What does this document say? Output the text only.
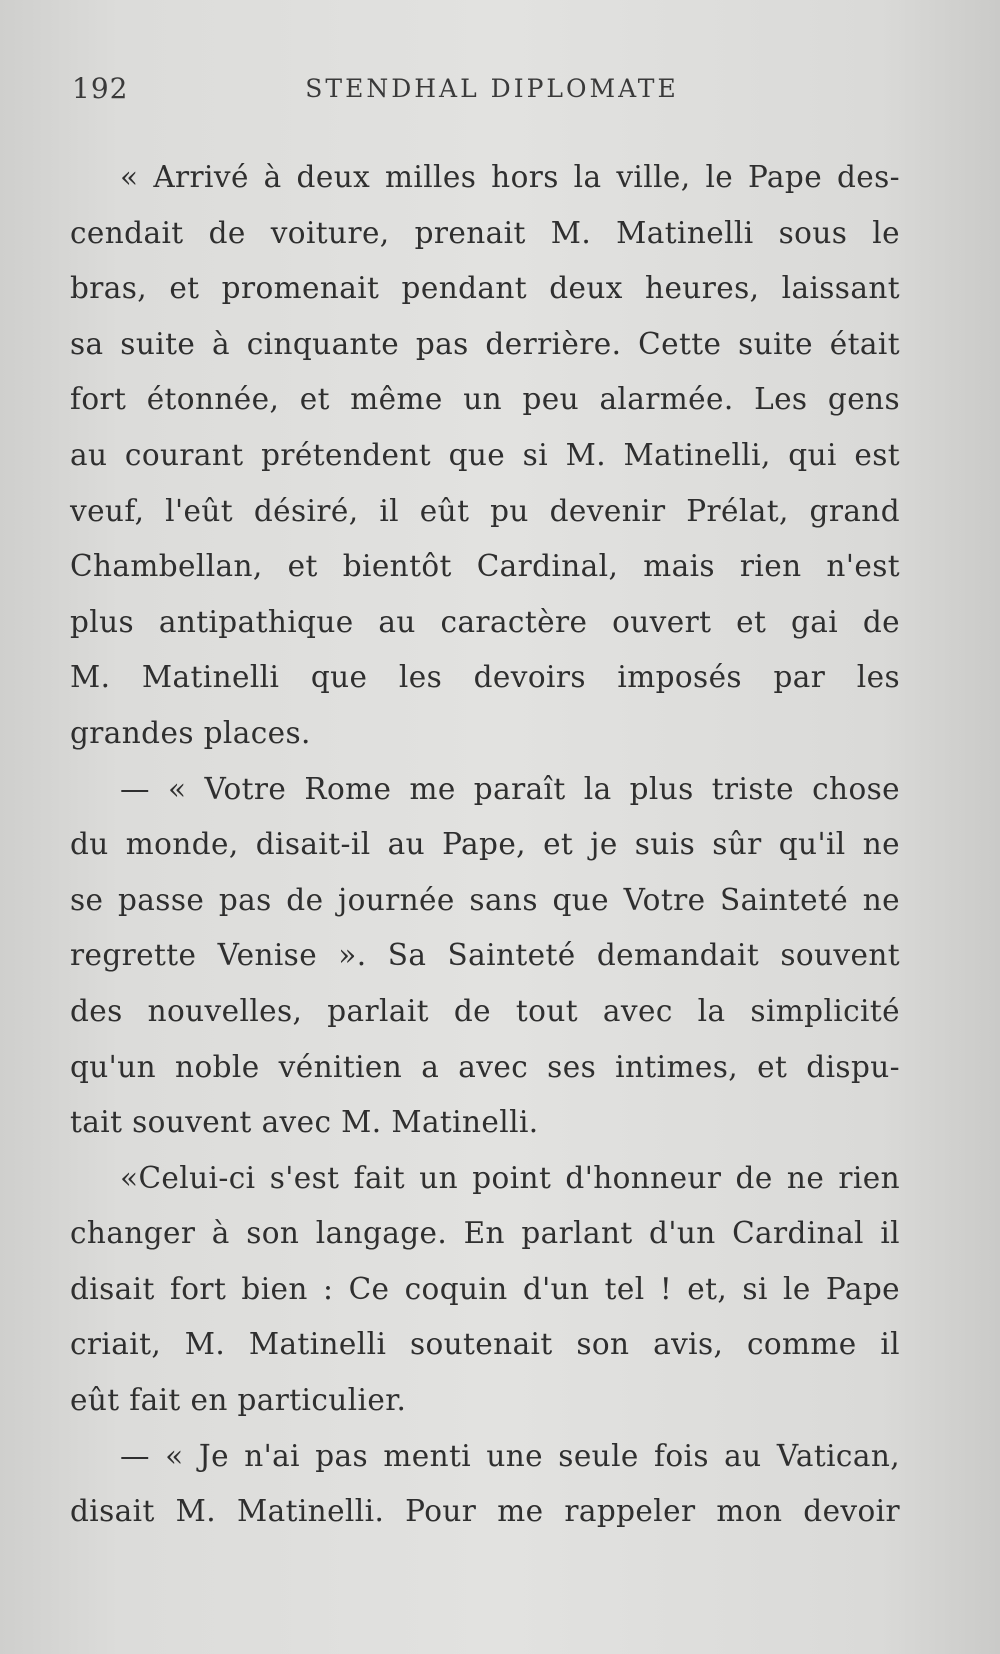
192	STENDHAL DIPLOMATE

« Arrivé à deux milles hors la ville, le Pape des-
cendait de voiture, prenait M. Matinelli sous le
bras, et promenait pendant deux heures, laissant
sa suite à cinquante pas derrière. Cette suite était
fort étonnée, et même un peu alarmée. Les gens
au courant prétendent que si M. Matinelli, qui est
veuf, l'eût désiré, il eût pu devenir Prélat, grand
Chambellan, et bientôt Cardinal, mais rien n'est
plus antipathique au caractère ouvert et gai de
M. Matinelli que les devoirs imposés par les
grandes places.

— « Votre Rome me paraît la plus triste chose
du monde, disait-il au Pape, et je suis sûr qu'il ne
se passe pas de journée sans que Votre Sainteté ne
regrette Venise ». Sa Sainteté demandait souvent
des nouvelles, parlait de tout avec la simplicité
qu'un noble vénitien a avec ses intimes, et dispu-
tait souvent avec M. Matinelli.

«Celui-ci s'est fait un point d'honneur de ne rien
changer à son langage. En parlant d'un Cardinal il
disait fort bien : Ce coquin d'un tel ! et, si le Pape
criait, M. Matinelli soutenait son avis, comme il
eût fait en particulier.

— « Je n'ai pas menti une seule fois au Vatican,
disait M. Matinelli. Pour me rappeler mon devoir
